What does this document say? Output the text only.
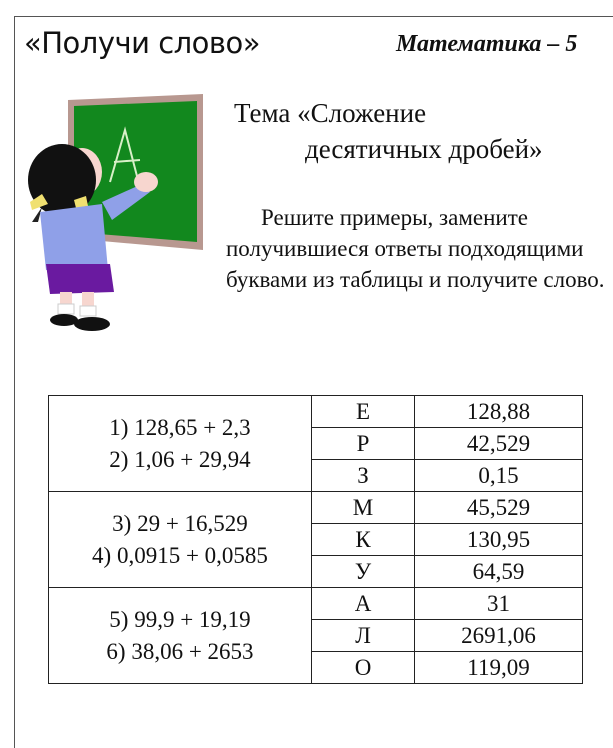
«Получи слово»	Математика – 5
Тема «Сложение
десятичных дробей»
Решите примеры, замените получившиеся ответы подходящими буквами из таблицы и получите слово.
1) 128,65 + 2,3
2) 1,06 + 29,94	Е	128,88
	Р	42,529
	З	0,15

3) 29 + 16,529
4) 0,0915 + 0,0585	М	45,529
	К	130,95
	У	64,59

5) 99,9 + 19,19
6) 38,06 + 2653	А	31
	Л	2691,06
	О	119,09
